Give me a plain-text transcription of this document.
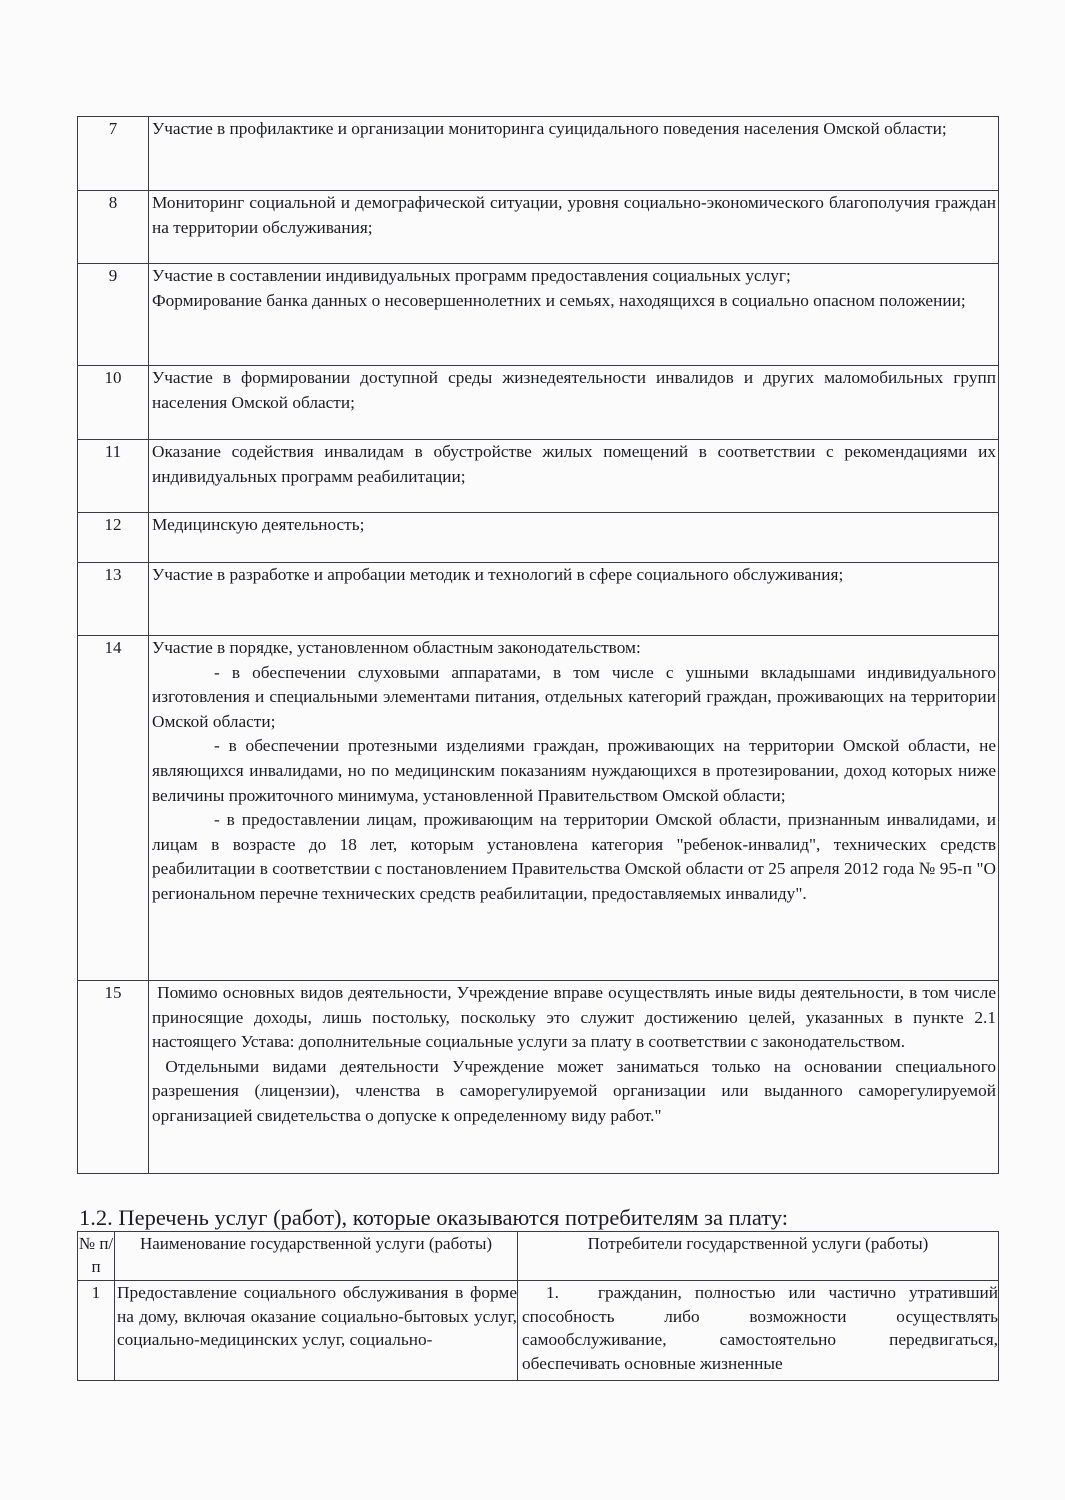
7	Участие в профилактике и организации мониторинга суицидального поведения населения Омской области;

8	Мониторинг социальной и демографической ситуации, уровня социально-экономического благополучия граждан на территории обслуживания;

9	Участие в составлении индивидуальных программ предоставления социальных услуг;

Формирование банка данных о несовершеннолетних и семьях, находящихся в социально опасном положении;

10	Участие в формировании доступной среды жизнедеятельности инвалидов и других маломобильных групп населения Омской области;

11	Оказание содействия инвалидам в обустройстве жилых помещений в соответствии с рекомендациями их индивидуальных программ реабилитации;

12	Медицинскую деятельность;

13	Участие в разработке и апробации методик и технологий в сфере социального обслуживания;

14	Участие в порядке, установленном областным законодательством:

- в обеспечении слуховыми аппаратами, в том числе с ушными вкладышами индивидуального изготовления и специальными элементами питания, отдельных категорий граждан, проживающих на территории Омской области;

- в обеспечении протезными изделиями граждан, проживающих на территории Омской области, не являющихся инвалидами, но по медицинским показаниям нуждающихся в протезировании, доход которых ниже величины прожиточного минимума, установленной Правительством Омской области;

- в предоставлении лицам, проживающим на территории Омской области, признанным инвалидами, и лицам в возрасте до 18 лет, которым установлена категория "ребенок-инвалид", технических средств реабилитации в соответствии с постановлением Правительства Омской области от 25 апреля 2012 года № 95-п "О региональном перечне технических средств реабилитации, предоставляемых инвалиду".

15	Помимо основных видов деятельности, Учреждение вправе осуществлять иные виды деятельности, в том числе приносящие доходы, лишь постольку, поскольку это служит достижению целей, указанных в пункте 2.1 настоящего Устава: дополнительные социальные услуги за плату в соответствии с законодательством.

Отдельными видами деятельности Учреждение может заниматься только на основании специального разрешения (лицензии), членства в саморегулируемой организации или выданного саморегулируемой организацией свидетельства о допуске к определенному виду работ."

1.2. Перечень услуг (работ), которые оказываются потребителям за плату:
№ п/п	Наименование государственной услуги (работы)	Потребители государственной услуги (работы)
1	Предоставление социального обслуживания в форме на дому, включая оказание социально-бытовых услуг, социально-медицинских услуг, социально-	1.   гражданин, полностью или частично утративший способность либо возможности осуществлять самообслуживание, самостоятельно передвигаться, обеспечивать основные жизненные
